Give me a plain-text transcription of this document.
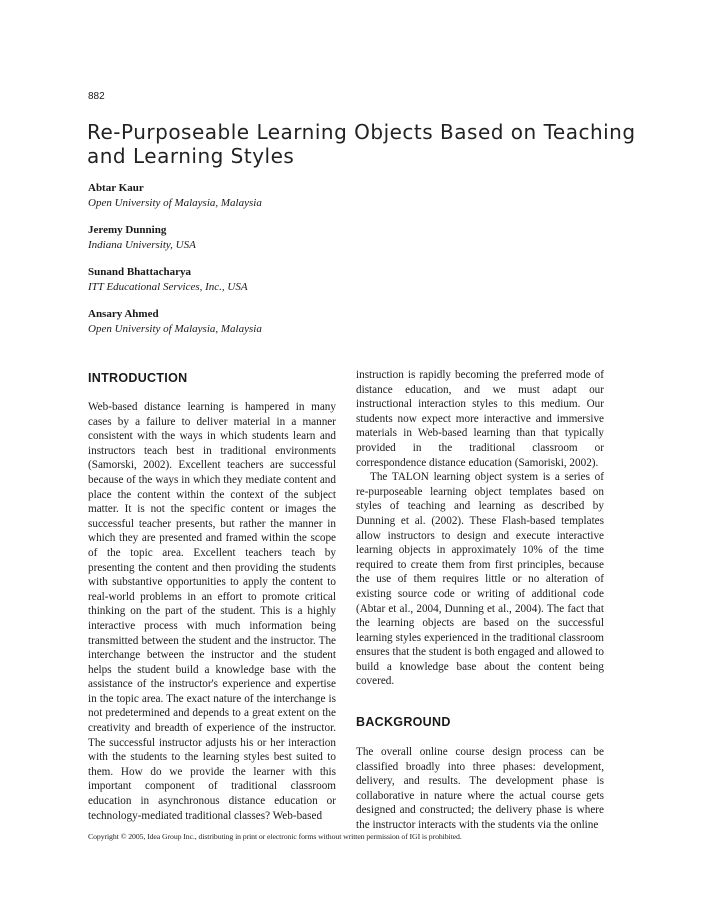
882
Re-Purposeable Learning Objects Based on Teaching and Learning Styles
Abtar Kaur
Open University of Malaysia, Malaysia
Jeremy Dunning
Indiana University, USA
Sunand Bhattacharya
ITT Educational Services, Inc., USA
Ansary Ahmed
Open University of Malaysia, Malaysia
INTRODUCTION

Web-based distance learning is hampered in many cases by a failure to deliver material in a manner consistent with the ways in which students learn and instructors teach best in traditional environments (Samorski, 2002). Excellent teachers are successful because of the ways in which they mediate content and place the content within the context of the subject matter. It is not the specific content or images the successful teacher presents, but rather the manner in which they are presented and framed within the scope of the topic area. Excellent teachers teach by presenting the content and then providing the students with substantive opportunities to apply the content to real-world problems in an effort to promote critical thinking on the part of the student. This is a highly interactive process with much information being transmitted between the student and the instructor. The interchange between the instructor and the student helps the student build a knowledge base with the assistance of the instructor's experience and expertise in the topic area. The exact nature of the interchange is not predetermined and depends to a great extent on the creativity and breadth of experience of the instructor. The successful instructor adjusts his or her interaction with the students to the learning styles best suited to them. How do we provide the learner with this important component of traditional classroom education in asynchronous distance education or technology-mediated traditional classes? Web-based

instruction is rapidly becoming the preferred mode of distance education, and we must adapt our instructional interaction styles to this medium. Our students now expect more interactive and immersive materials in Web-based learning than that typically provided in the traditional classroom or correspondence distance education (Samoriski, 2002).

The TALON learning object system is a series of re-purposeable learning object templates based on styles of teaching and learning as described by Dunning et al. (2002). These Flash-based templates allow instructors to design and execute interactive learning objects in approximately 10% of the time required to create them from first principles, because the use of them requires little or no alteration of existing source code or writing of additional code (Abtar et al., 2004, Dunning et al., 2004). The fact that the learning objects are based on the successful learning styles experienced in the traditional classroom ensures that the student is both engaged and allowed to build a knowledge base about the content being covered.

BACKGROUND

The overall online course design process can be classified broadly into three phases: development, delivery, and results. The development phase is collaborative in nature where the actual course gets designed and constructed; the delivery phase is where the instructor interacts with the students via the online

Copyright © 2005, Idea Group Inc., distributing in print or electronic forms without written permission of IGI is prohibited.
